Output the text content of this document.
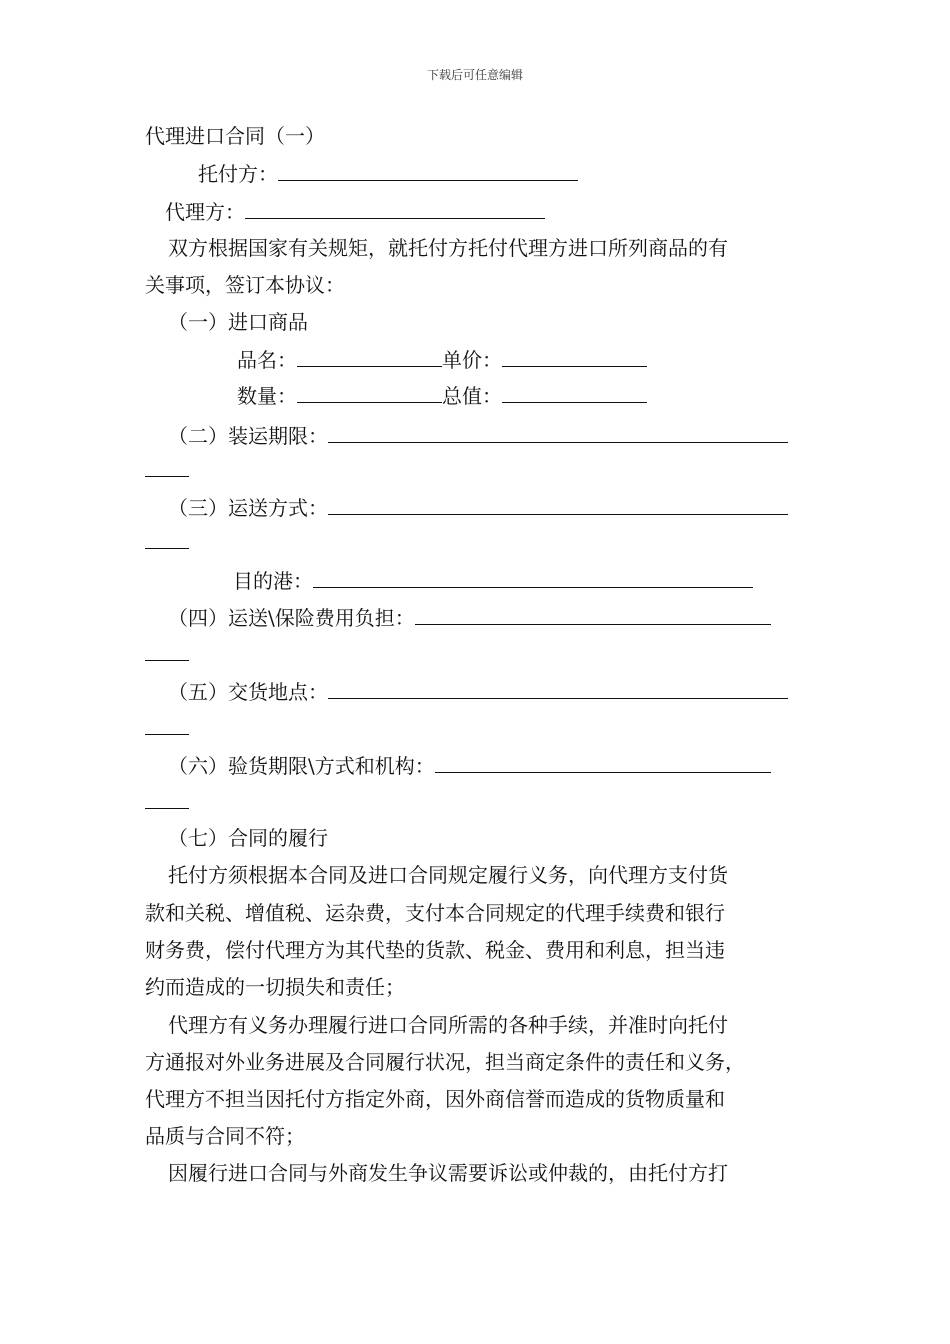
下载后可任意编辑
代理进口合同（一）
托付方：
代理方：
双方根据国家有关规矩，就托付方托付代理方进口所列商品的有
关事项，签订本协议：
（一）进口商品
品名：	单价：
数量：	总值：
（二）装运期限：
（三）运送方式：
目的港：
（四）运送\保险费用负担：
（五）交货地点：
（六）验货期限\方式和机构：
（七）合同的履行
托付方须根据本合同及进口合同规定履行义务，向代理方支付货
款和关税、增值税、运杂费，支付本合同规定的代理手续费和银行
财务费，偿付代理方为其代垫的货款、税金、费用和利息，担当违
约而造成的一切损失和责任；
代理方有义务办理履行进口合同所需的各种手续，并准时向托付
方通报对外业务进展及合同履行状况，担当商定条件的责任和义务，
代理方不担当因托付方指定外商，因外商信誉而造成的货物质量和
品质与合同不符；
因履行进口合同与外商发生争议需要诉讼或仲裁的，由托付方打
